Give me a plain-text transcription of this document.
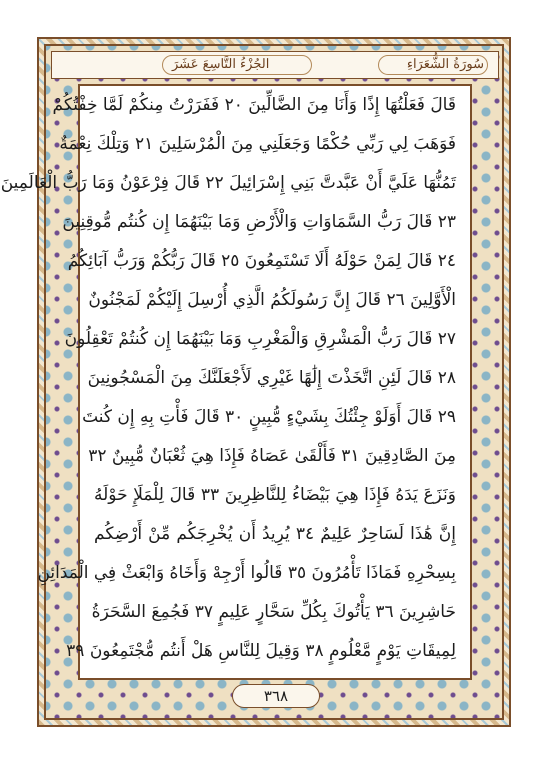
الجُزْءُ التَّاسِعَ عَشَرَ	سُورَةُ الشُّعَرَاءِ
قَالَ فَعَلْتُهَا إِذًا وَأَنَا مِنَ الضَّالِّينَ ٢٠ فَفَرَرْتُ مِنكُمْ لَمَّا خِفْتُكُمْ
فَوَهَبَ لِي رَبِّي حُكْمًا وَجَعَلَنِي مِنَ الْمُرْسَلِينَ ٢١ وَتِلْكَ نِعْمَةٌ
تَمُنُّهَا عَلَيَّ أَنْ عَبَّدتَّ بَنِي إِسْرَائِيلَ ٢٢ قَالَ فِرْعَوْنُ وَمَا رَبُّ الْعَالَمِينَ
٢٣ قَالَ رَبُّ السَّمَاوَاتِ وَالْأَرْضِ وَمَا بَيْنَهُمَا إِن كُنتُم مُّوقِنِينَ
٢٤ قَالَ لِمَنْ حَوْلَهُ أَلَا تَسْتَمِعُونَ ٢٥ قَالَ رَبُّكُمْ وَرَبُّ آبَائِكُمُ
الْأَوَّلِينَ ٢٦ قَالَ إِنَّ رَسُولَكُمُ الَّذِي أُرْسِلَ إِلَيْكُمْ لَمَجْنُونٌ
٢٧ قَالَ رَبُّ الْمَشْرِقِ وَالْمَغْرِبِ وَمَا بَيْنَهُمَا إِن كُنتُمْ تَعْقِلُونَ
٢٨ قَالَ لَئِنِ اتَّخَذْتَ إِلَٰهًا غَيْرِي لَأَجْعَلَنَّكَ مِنَ الْمَسْجُونِينَ
٢٩ قَالَ أَوَلَوْ جِئْتُكَ بِشَيْءٍ مُّبِينٍ ٣٠ قَالَ فَأْتِ بِهِ إِن كُنتَ
مِنَ الصَّادِقِينَ ٣١ فَأَلْقَىٰ عَصَاهُ فَإِذَا هِيَ ثُعْبَانٌ مُّبِينٌ ٣٢
وَنَزَعَ يَدَهُ فَإِذَا هِيَ بَيْضَاءُ لِلنَّاظِرِينَ ٣٣ قَالَ لِلْمَلَإِ حَوْلَهُ
إِنَّ هَٰذَا لَسَاحِرٌ عَلِيمٌ ٣٤ يُرِيدُ أَن يُخْرِجَكُم مِّنْ أَرْضِكُم
بِسِحْرِهِ فَمَاذَا تَأْمُرُونَ ٣٥ قَالُوا أَرْجِهْ وَأَخَاهُ وَابْعَثْ فِي الْمَدَائِنِ
حَاشِرِينَ ٣٦ يَأْتُوكَ بِكُلِّ سَحَّارٍ عَلِيمٍ ٣٧ فَجُمِعَ السَّحَرَةُ
لِمِيقَاتِ يَوْمٍ مَّعْلُومٍ ٣٨ وَقِيلَ لِلنَّاسِ هَلْ أَنتُم مُّجْتَمِعُونَ ٣٩
٣٦٨
